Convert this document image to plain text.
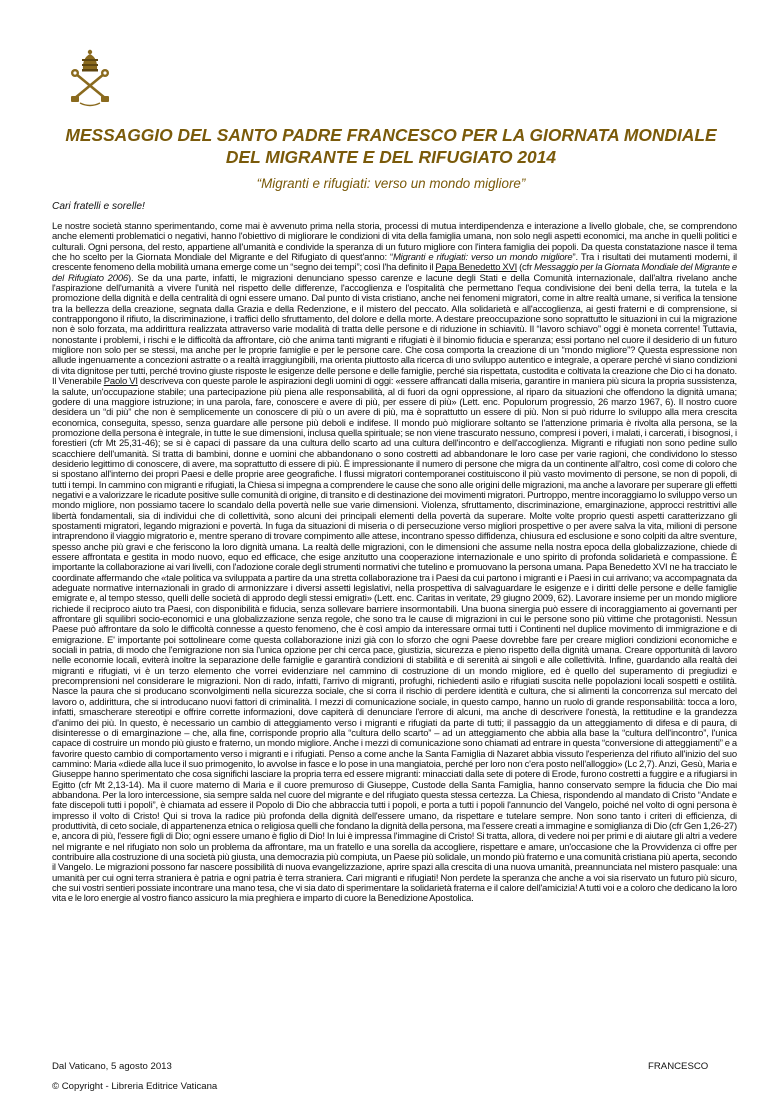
MESSAGGIO DEL SANTO PADRE FRANCESCO PER LA GIORNATA MONDIALE
DEL MIGRANTE E DEL RIFUGIATO 2014

“Migranti e rifugiati: verso un mondo migliore”

Cari fratelli e sorelle!

Le nostre società stanno sperimentando, come mai è avvenuto prima nella storia, processi di mutua interdipendenza e interazione a livello globale, che, se comprendono anche elementi problematici o negativi, hanno l'obiettivo di migliorare le condizioni di vita della famiglia umana, non solo negli aspetti economici, ma anche in quelli politici e culturali. Ogni persona, del resto, appartiene all'umanità e condivide la speranza di un futuro migliore con l'intera famiglia dei popoli. Da questa constatazione nasce il tema che ho scelto per la Giornata Mondiale del Migrante e del Rifugiato di quest'anno: “Migranti e rifugiati: verso un mondo migliore”. Tra i risultati dei mutamenti moderni, il crescente fenomeno della mobilità umana emerge come un “segno dei tempi”; così l'ha definito il Papa Benedetto XVI (cfr Messaggio per la Giornata Mondiale del Migrante e del Rifugiato 2006). Se da una parte, infatti, le migrazioni denunciano spesso carenze e lacune degli Stati e della Comunità internazionale, dall'altra rivelano anche l'aspirazione dell'umanità a vivere l'unità nel rispetto delle differenze, l'accoglienza e l'ospitalità che permettano l'equa condivisione dei beni della terra, la tutela e la promozione della dignità e della centralità di ogni essere umano. Dal punto di vista cristiano, anche nei fenomeni migratori, come in altre realtà umane, si verifica la tensione tra la bellezza della creazione, segnata dalla Grazia e della Redenzione, e il mistero del peccato. Alla solidarietà e all'accoglienza, ai gesti fraterni e di comprensione, si contrappongono il rifiuto, la discriminazione, i traffici dello sfruttamento, del dolore e della morte. A destare preoccupazione sono soprattutto le situazioni in cui la migrazione non è solo forzata, ma addirittura realizzata attraverso varie modalità di tratta delle persone e di riduzione in schiavitù. Il “lavoro schiavo” oggi è moneta corrente! Tuttavia, nonostante i problemi, i rischi e le difficoltà da affrontare, ciò che anima tanti migranti e rifugiati è il binomio fiducia e speranza; essi portano nel cuore il desiderio di un futuro migliore non solo per se stessi, ma anche per le proprie famiglie e per le persone care. Che cosa comporta la creazione di un “mondo migliore”? Questa espressione non allude ingenuamente a concezioni astratte o a realtà irraggiungibili, ma orienta piuttosto alla ricerca di uno sviluppo autentico e integrale, a operare perché vi siano condizioni di vita dignitose per tutti, perché trovino giuste risposte le esigenze delle persone e delle famiglie, perché sia rispettata, custodita e coltivata la creazione che Dio ci ha donato. Il Venerabile Paolo VI descriveva con queste parole le aspirazioni degli uomini di oggi: «essere affrancati dalla miseria, garantire in maniera più sicura la propria sussistenza, la salute, un'occupazione stabile; una partecipazione più piena alle responsabilità, al di fuori da ogni oppressione, al riparo da situazioni che offendono la dignità umana; godere di una maggiore istruzione; in una parola, fare, conoscere e avere di più, per essere di più» (Lett. enc. Populorum progressio, 26 marzo 1967, 6). Il nostro cuore desidera un “di più” che non è semplicemente un conoscere di più o un avere di più, ma è soprattutto un essere di più. Non si può ridurre lo sviluppo alla mera crescita economica, conseguita, spesso, senza guardare alle persone più deboli e indifese. Il mondo può migliorare soltanto se l'attenzione primaria è rivolta alla persona, se la promozione della persona è integrale, in tutte le sue dimensioni, inclusa quella spirituale; se non viene trascurato nessuno, compresi i poveri, i malati, i carcerati, i bisognosi, i forestieri (cfr Mt 25,31-46); se si è capaci di passare da una cultura dello scarto ad una cultura dell'incontro e dell'accoglienza. Migranti e rifugiati non sono pedine sullo scacchiere dell'umanità. Si tratta di bambini, donne e uomini che abbandonano o sono costretti ad abbandonare le loro case per varie ragioni, che condividono lo stesso desiderio legittimo di conoscere, di avere, ma soprattutto di essere di più. È impressionante il numero di persone che migra da un continente all'altro, così come di coloro che si spostano all'interno dei propri Paesi e delle proprie aree geografiche. I flussi migratori contemporanei costituiscono il più vasto movimento di persone, se non di popoli, di tutti i tempi. In cammino con migranti e rifugiati, la Chiesa si impegna a comprendere le cause che sono alle origini delle migrazioni, ma anche a lavorare per superare gli effetti negativi e a valorizzare le ricadute positive sulle comunità di origine, di transito e di destinazione dei movimenti migratori. Purtroppo, mentre incoraggiamo lo sviluppo verso un mondo migliore, non possiamo tacere lo scandalo della povertà nelle sue varie dimensioni. Violenza, sfruttamento, discriminazione, emarginazione, approcci restrittivi alle libertà fondamentali, sia di individui che di collettività, sono alcuni dei principali elementi della povertà da superare. Molte volte proprio questi aspetti caratterizzano gli spostamenti migratori, legando migrazioni e povertà. In fuga da situazioni di miseria o di persecuzione verso migliori prospettive o per avere salva la vita, milioni di persone intraprendono il viaggio migratorio e, mentre sperano di trovare compimento alle attese, incontrano spesso diffidenza, chiusura ed esclusione e sono colpiti da altre sventure, spesso anche più gravi e che feriscono la loro dignità umana. La realtà delle migrazioni, con le dimensioni che assume nella nostra epoca della globalizzazione, chiede di essere affrontata e gestita in modo nuovo, equo ed efficace, che esige anzitutto una cooperazione internazionale e uno spirito di profonda solidarietà e compassione. È importante la collaborazione ai vari livelli, con l'adozione corale degli strumenti normativi che tutelino e promuovano la persona umana. Papa Benedetto XVI ne ha tracciato le coordinate affermando che «tale politica va sviluppata a partire da una stretta collaborazione tra i Paesi da cui partono i migranti e i Paesi in cui arrivano; va accompagnata da adeguate normative internazionali in grado di armonizzare i diversi assetti legislativi, nella prospettiva di salvaguardare le esigenze e i diritti delle persone e delle famiglie emigrate e, al tempo stesso, quelli delle società di approdo degli stessi emigrati» (Lett. enc. Caritas in veritate, 29 giugno 2009, 62). Lavorare insieme per un mondo migliore richiede il reciproco aiuto tra Paesi, con disponibilità e fiducia, senza sollevare barriere insormontabili. Una buona sinergia può essere di incoraggiamento ai governanti per affrontare gli squilibri socio-economici e una globalizzazione senza regole, che sono tra le cause di migrazioni in cui le persone sono più vittime che protagonisti. Nessun Paese può affrontare da solo le difficoltà connesse a questo fenomeno, che è così ampio da interessare ormai tutti i Continenti nel duplice movimento di immigrazione e di emigrazione. E' importante poi sottolineare come questa collaborazione inizi già con lo sforzo che ogni Paese dovrebbe fare per creare migliori condizioni economiche e sociali in patria, di modo che l'emigrazione non sia l'unica opzione per chi cerca pace, giustizia, sicurezza e pieno rispetto della dignità umana. Creare opportunità di lavoro nelle economie locali, eviterà inoltre la separazione delle famiglie e garantirà condizioni di stabilità e di serenità ai singoli e alle collettività. Infine, guardando alla realtà dei migranti e rifugiati, vi è un terzo elemento che vorrei evidenziare nel cammino di costruzione di un mondo migliore, ed è quello del superamento di pregiudizi e precomprensioni nel considerare le migrazioni. Non di rado, infatti, l'arrivo di migranti, profughi, richiedenti asilo e rifugiati suscita nelle popolazioni locali sospetti e ostilità. Nasce la paura che si producano sconvolgimenti nella sicurezza sociale, che si corra il rischio di perdere identità e cultura, che si alimenti la concorrenza sul mercato del lavoro o, addirittura, che si introducano nuovi fattori di criminalità. I mezzi di comunicazione sociale, in questo campo, hanno un ruolo di grande responsabilità: tocca a loro, infatti, smascherare stereotipi e offrire corrette informazioni, dove capiterà di denunciare l'errore di alcuni, ma anche di descrivere l'onestà, la rettitudine e la grandezza d'animo dei più. In questo, è necessario un cambio di atteggiamento verso i migranti e rifugiati da parte di tutti; il passaggio da un atteggiamento di difesa e di paura, di disinteresse o di emarginazione – che, alla fine, corrisponde proprio alla “cultura dello scarto” – ad un atteggiamento che abbia alla base la “cultura dell'incontro”, l'unica capace di costruire un mondo più giusto e fraterno, un mondo migliore. Anche i mezzi di comunicazione sono chiamati ad entrare in questa “conversione di atteggiamenti” e a favorire questo cambio di comportamento verso i migranti e i rifugiati. Penso a come anche la Santa Famiglia di Nazaret abbia vissuto l'esperienza del rifiuto all'inizio del suo cammino: Maria «diede alla luce il suo primogenito, lo avvolse in fasce e lo pose in una mangiatoia, perché per loro non c'era posto nell'alloggio» (Lc 2,7). Anzi, Gesù, Maria e Giuseppe hanno sperimentato che cosa significhi lasciare la propria terra ed essere migranti: minacciati dalla sete di potere di Erode, furono costretti a fuggire e a rifugiarsi in Egitto (cfr Mt 2,13-14). Ma il cuore materno di Maria e il cuore premuroso di Giuseppe, Custode della Santa Famiglia, hanno conservato sempre la fiducia che Dio mai abbandona. Per la loro intercessione, sia sempre salda nel cuore del migrante e del rifugiato questa stessa certezza. La Chiesa, rispondendo al mandato di Cristo “Andate e fate discepoli tutti i popoli”, è chiamata ad essere il Popolo di Dio che abbraccia tutti i popoli, e porta a tutti i popoli l'annuncio del Vangelo, poiché nel volto di ogni persona è impresso il volto di Cristo! Qui si trova la radice più profonda della dignità dell'essere umano, da rispettare e tutelare sempre. Non sono tanto i criteri di efficienza, di produttività, di ceto sociale, di appartenenza etnica o religiosa quelli che fondano la dignità della persona, ma l'essere creati a immagine e somiglianza di Dio (cfr Gen 1,26-27) e, ancora di più, l'essere figli di Dio; ogni essere umano è figlio di Dio! In lui è impressa l'immagine di Cristo! Si tratta, allora, di vedere noi per primi e di aiutare gli altri a vedere nel migrante e nel rifugiato non solo un problema da affrontare, ma un fratello e una sorella da accogliere, rispettare e amare, un'occasione che la Provvidenza ci offre per contribuire alla costruzione di una società più giusta, una democrazia più compiuta, un Paese più solidale, un mondo più fraterno e una comunità cristiana più aperta, secondo il Vangelo. Le migrazioni possono far nascere possibilità di nuova evangelizzazione, aprire spazi alla crescita di una nuova umanità, preannunciata nel mistero pasquale: una umanità per cui ogni terra straniera è patria e ogni patria è terra straniera. Cari migranti e rifugiati! Non perdete la speranza che anche a voi sia riservato un futuro più sicuro, che sui vostri sentieri possiate incontrare una mano tesa, che vi sia dato di sperimentare la solidarietà fraterna e il calore dell'amicizia! A tutti voi e a coloro che dedicano la loro vita e le loro energie al vostro fianco assicuro la mia preghiera e imparto di cuore la Benedizione Apostolica.

Dal Vaticano, 5 agosto 2013	FRANCESCO

© Copyright - Libreria Editrice Vaticana
